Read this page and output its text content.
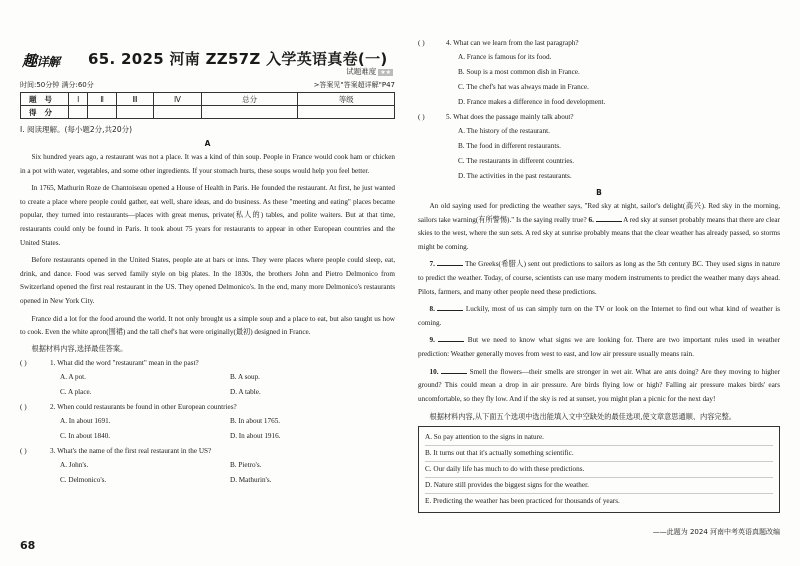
趣详解 65. 2025 河南 ZZ57Z 入学英语真卷(一)
试题难度 ★★
时间:50分钟 满分:60分	>答案见"答案超详解"P47
题号	Ⅰ	Ⅱ	Ⅲ	Ⅳ	总分	等级
得分						
Ⅰ. 阅读理解。(每小题2分,共20分)
A

Six hundred years ago, a restaurant was not a place. It was a kind of thin soup. People in France would cook ham or chicken in a pot with water, vegetables, and some other ingredients. If your stomach hurts, these soups would help you feel better.

In 1765, Mathurin Roze de Chantoiseau opened a House of Health in Paris. He founded the restaurant. At first, he just wanted to create a place where people could gather, eat well, share ideas, and do business. As these "meeting and eating" places became popular, they turned into restaurants—places with great menus, private(私人的) tables, and polite waiters. But at that time, restaurants could only be found in Paris. It took about 75 years for restaurants to appear in other European countries and the United States.

Before restaurants opened in the United States, people ate at bars or inns. They were places where people could sleep, eat, drink, and dance. Food was served family style on big plates. In the 1830s, the brothers John and Pietro Delmonico from Switzerland opened the first real restaurant in the US. They opened Delmonico's. In the end, many more Delmonico's restaurants opened in New York City.

France did a lot for the food around the world. It not only brought us a simple soup and a place to eat, but also taught us how to cook. Even the white apron(围裙) and the tall chef's hat were originally(最初) designed in France.

根据材料内容,选择最佳答案。
( )	1. What did the word "restaurant" mean in the past?
A. A pot.	B. A soup.
C. A place.	D. A table.
( )	2. When could restaurants be found in other European countries?
A. In about 1691.	B. In about 1765.
C. In about 1840.	D. In about 1916.
( )	3. What's the name of the first real restaurant in the US?
A. John's.	B. Pietro's.
C. Delmonico's.	D. Mathurin's.
68
( )	4. What can we learn from the last paragraph?
A. France is famous for its food.
B. Soup is a most common dish in France.
C. The chef's hat was always made in France.
D. France makes a difference in food development.
( )	5. What does the passage mainly talk about?
A. The history of the restaurant.
B. The food in different restaurants.
C. The restaurants in different countries.
D. The activities in the past restaurants.
B

An old saying used for predicting the weather says, "Red sky at night, sailor's delight(高兴). Red sky in the morning, sailors take warning(有所警惕)." Is the saying really true? 6.	A red sky at sunset probably means that there are clear skies to the west, where the sun sets. A red sky at sunrise probably means that the clear weather has already passed, so storms might be coming.

7.	The Greeks(希腊人) sent out predictions to sailors as long as the 5th century BC. They used signs in nature to predict the weather. Today, of course, scientists can use many modern instruments to predict the weather many days ahead. Pilots, farmers, and many other people need these predictions.

8.	Luckily, most of us can simply turn on the TV or look on the Internet to find out what kind of weather is coming.

9.	But we need to know what signs we are looking for. There are two important rules used in weather prediction: Weather generally moves from west to east, and low air pressure usually means rain.

10.	Smell the flowers—their smells are stronger in wet air. What are ants doing? Are they moving to higher ground? This could mean a drop in air pressure. Are birds flying low or high? Falling air pressure makes birds' ears uncomfortable, so they fly low. And if the sky is red at sunset, you might plan a picnic for the next day!

根据材料内容,从下面五个选项中选出能填入文中空缺处的最佳选项,使文章意思通顺、内容完整。
A. So pay attention to the signs in nature.
B. It turns out that it's actually something scientific.
C. Our daily life has much to do with these predictions.
D. Nature still provides the biggest signs for the weather.
E. Predicting the weather has been practiced for thousands of years.
——此题为 2024 河南中考英语真题改编
